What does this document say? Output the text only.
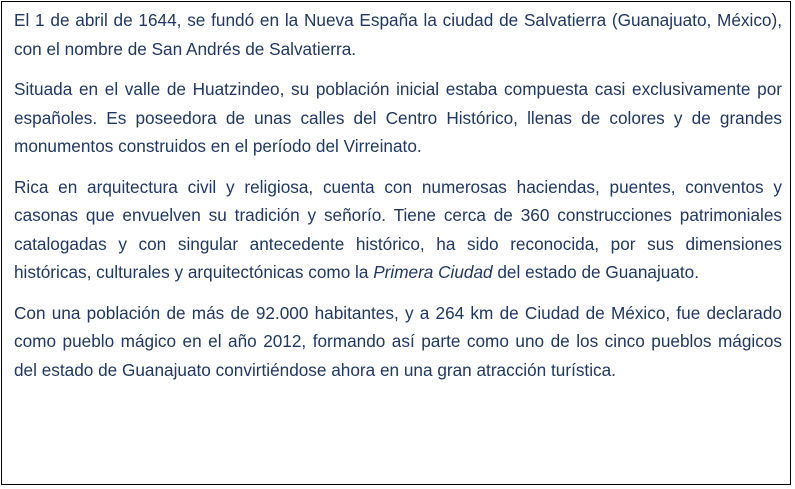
El 1 de abril de 1644, se fundó en la Nueva España la ciudad de Salvatierra (Guanajuato, México), con el nombre de San Andrés de Salvatierra.

Situada en el valle de Huatzindeo, su población inicial estaba compuesta casi exclusivamente por españoles. Es poseedora de unas calles del Centro Histórico, llenas de colores y de grandes monumentos construidos en el período del Virreinato.

Rica en arquitectura civil y religiosa, cuenta con numerosas haciendas, puentes, conventos y casonas que envuelven su tradición y señorío. Tiene cerca de 360 construcciones patrimoniales catalogadas y con singular antecedente histórico, ha sido reconocida, por sus dimensiones históricas, culturales y arquitectónicas como la Primera Ciudad del estado de Guanajuato.

Con una población de más de 92.000 habitantes, y a 264 km de Ciudad de México, fue declarado como pueblo mágico en el año 2012, formando así parte como uno de los cinco pueblos mágicos del estado de Guanajuato convirtiéndose ahora en una gran atracción turística.
